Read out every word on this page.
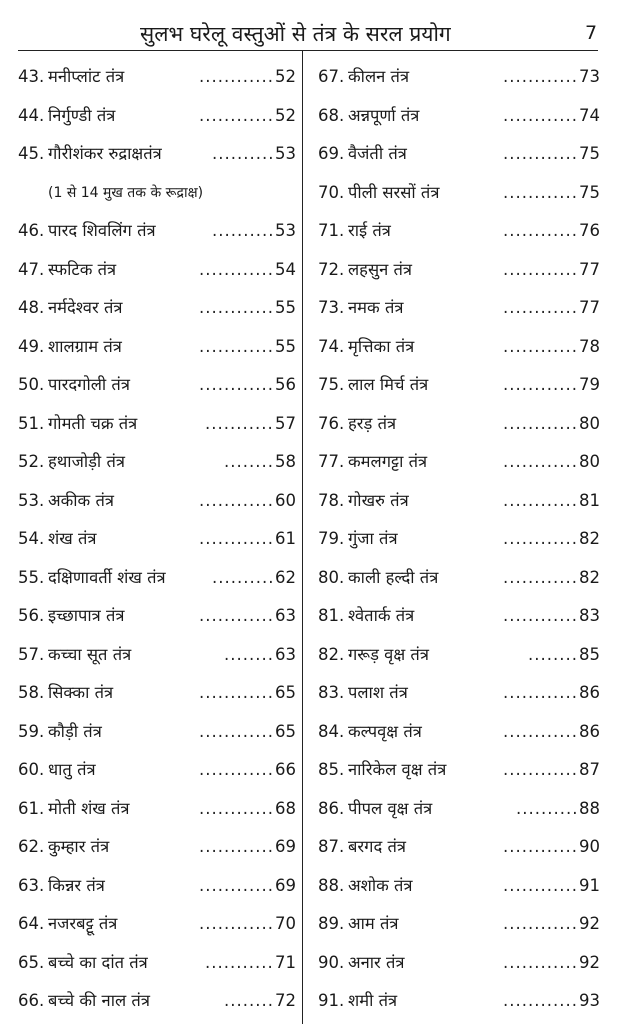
सुलभ घरेलू वस्तुओं से तंत्र के सरल प्रयोग	7
43. मनीप्लांट तंत्र	............ 52
44. निर्गुण्डी तंत्र	............ 52
45. गौरीशंकर रुद्राक्षतंत्र	.......... 53
(1 से 14 मुख तक के रूद्राक्ष)
46. पारद शिवलिंग तंत्र	.......... 53
47. स्फटिक तंत्र	............ 54
48. नर्मदेश्वर तंत्र	............ 55
49. शालग्राम तंत्र	............ 55
50. पारदगोली तंत्र	............ 56
51. गोमती चक्र तंत्र	........... 57
52. हथाजोड़ी तंत्र	........ 58
53. अकीक तंत्र	............ 60
54. शंख तंत्र	............ 61
55. दक्षिणावर्ती शंख तंत्र	.......... 62
56. इच्छापात्र तंत्र	............ 63
57. कच्चा सूत तंत्र	........ 63
58. सिक्का तंत्र	............ 65
59. कौड़ी तंत्र	............ 65
60. धातु तंत्र	............ 66
61. मोती शंख तंत्र	............ 68
62. कुम्हार तंत्र	............ 69
63. किन्नर तंत्र	............ 69
64. नजरबट्टू तंत्र	............ 70
65. बच्चे का दांत तंत्र	........... 71
66. बच्चे की नाल तंत्र	........ 72
67. कीलन तंत्र	............ 73
68. अन्नपूर्णा तंत्र	............ 74
69. वैजंती तंत्र	............ 75
70. पीली सरसों तंत्र	............ 75
71. राई तंत्र	............ 76
72. लहसुन तंत्र	............ 77
73. नमक तंत्र	............ 77
74. मृत्तिका तंत्र	............ 78
75. लाल मिर्च तंत्र	............ 79
76. हरड़ तंत्र	............ 80
77. कमलगट्टा तंत्र	............ 80
78. गोखरु तंत्र	............ 81
79. गुंजा तंत्र	............ 82
80. काली हल्दी तंत्र	............ 82
81. श्वेतार्क तंत्र	............ 83
82. गरूड़ वृक्ष तंत्र	........ 85
83. पलाश तंत्र	............ 86
84. कल्पवृक्ष तंत्र	............ 86
85. नारिकेल वृक्ष तंत्र	............ 87
86. पीपल वृक्ष तंत्र	.......... 88
87. बरगद तंत्र	............ 90
88. अशोक तंत्र	............ 91
89. आम तंत्र	............ 92
90. अनार तंत्र	............ 92
91. शमी तंत्र	............ 93
